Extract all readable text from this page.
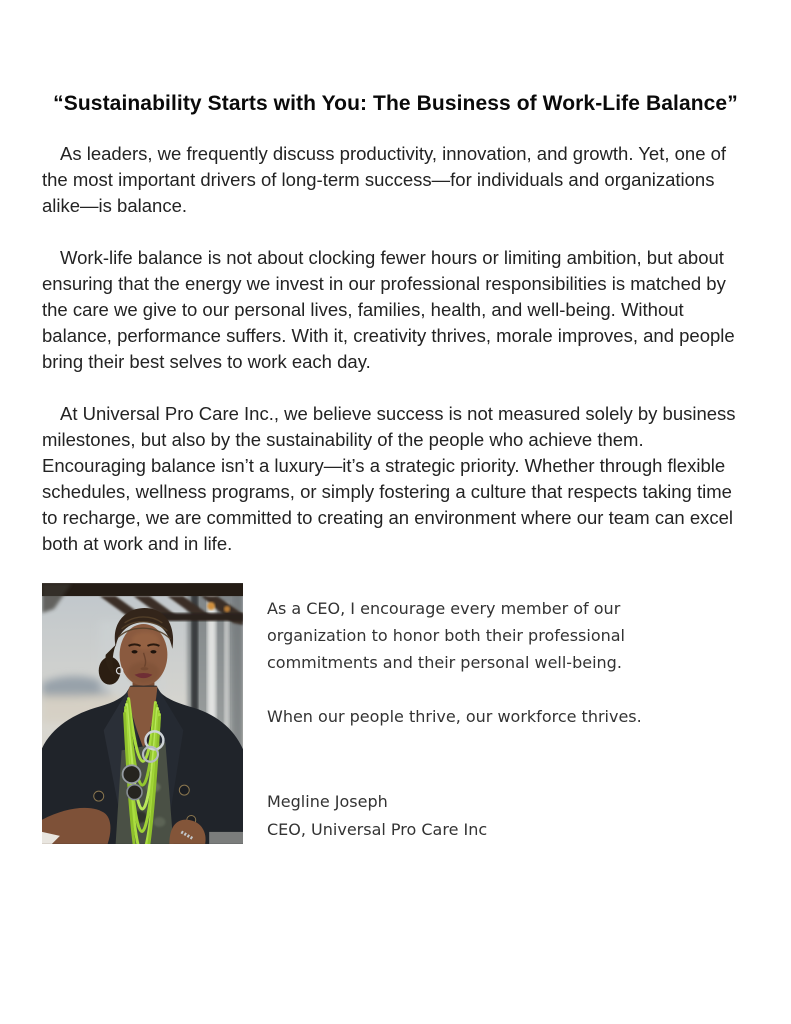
“Sustainability Starts with You: The Business of Work-Life Balance”

As leaders, we frequently discuss productivity, innovation, and growth. Yet, one of the most important drivers of long-term success—for individuals and organizations alike—is balance.

Work-life balance is not about clocking fewer hours or limiting ambition, but about ensuring that the energy we invest in our professional responsibilities is matched by the care we give to our personal lives, families, health, and well-being. Without balance, performance suffers. With it, creativity thrives, morale improves, and people bring their best selves to work each day.

At Universal Pro Care Inc., we believe success is not measured solely by business milestones, but also by the sustainability of the people who achieve them. Encouraging balance isn’t a luxury—it’s a strategic priority. Whether through flexible schedules, wellness programs, or simply fostering a culture that respects taking time to recharge, we are committed to creating an environment where our team can excel both at work and in life.

As a CEO, I encourage every member of our organization to honor both their professional commitments and their personal well-being.

When our people thrive, our workforce thrives.

Megline Joseph

CEO, Universal Pro Care Inc
